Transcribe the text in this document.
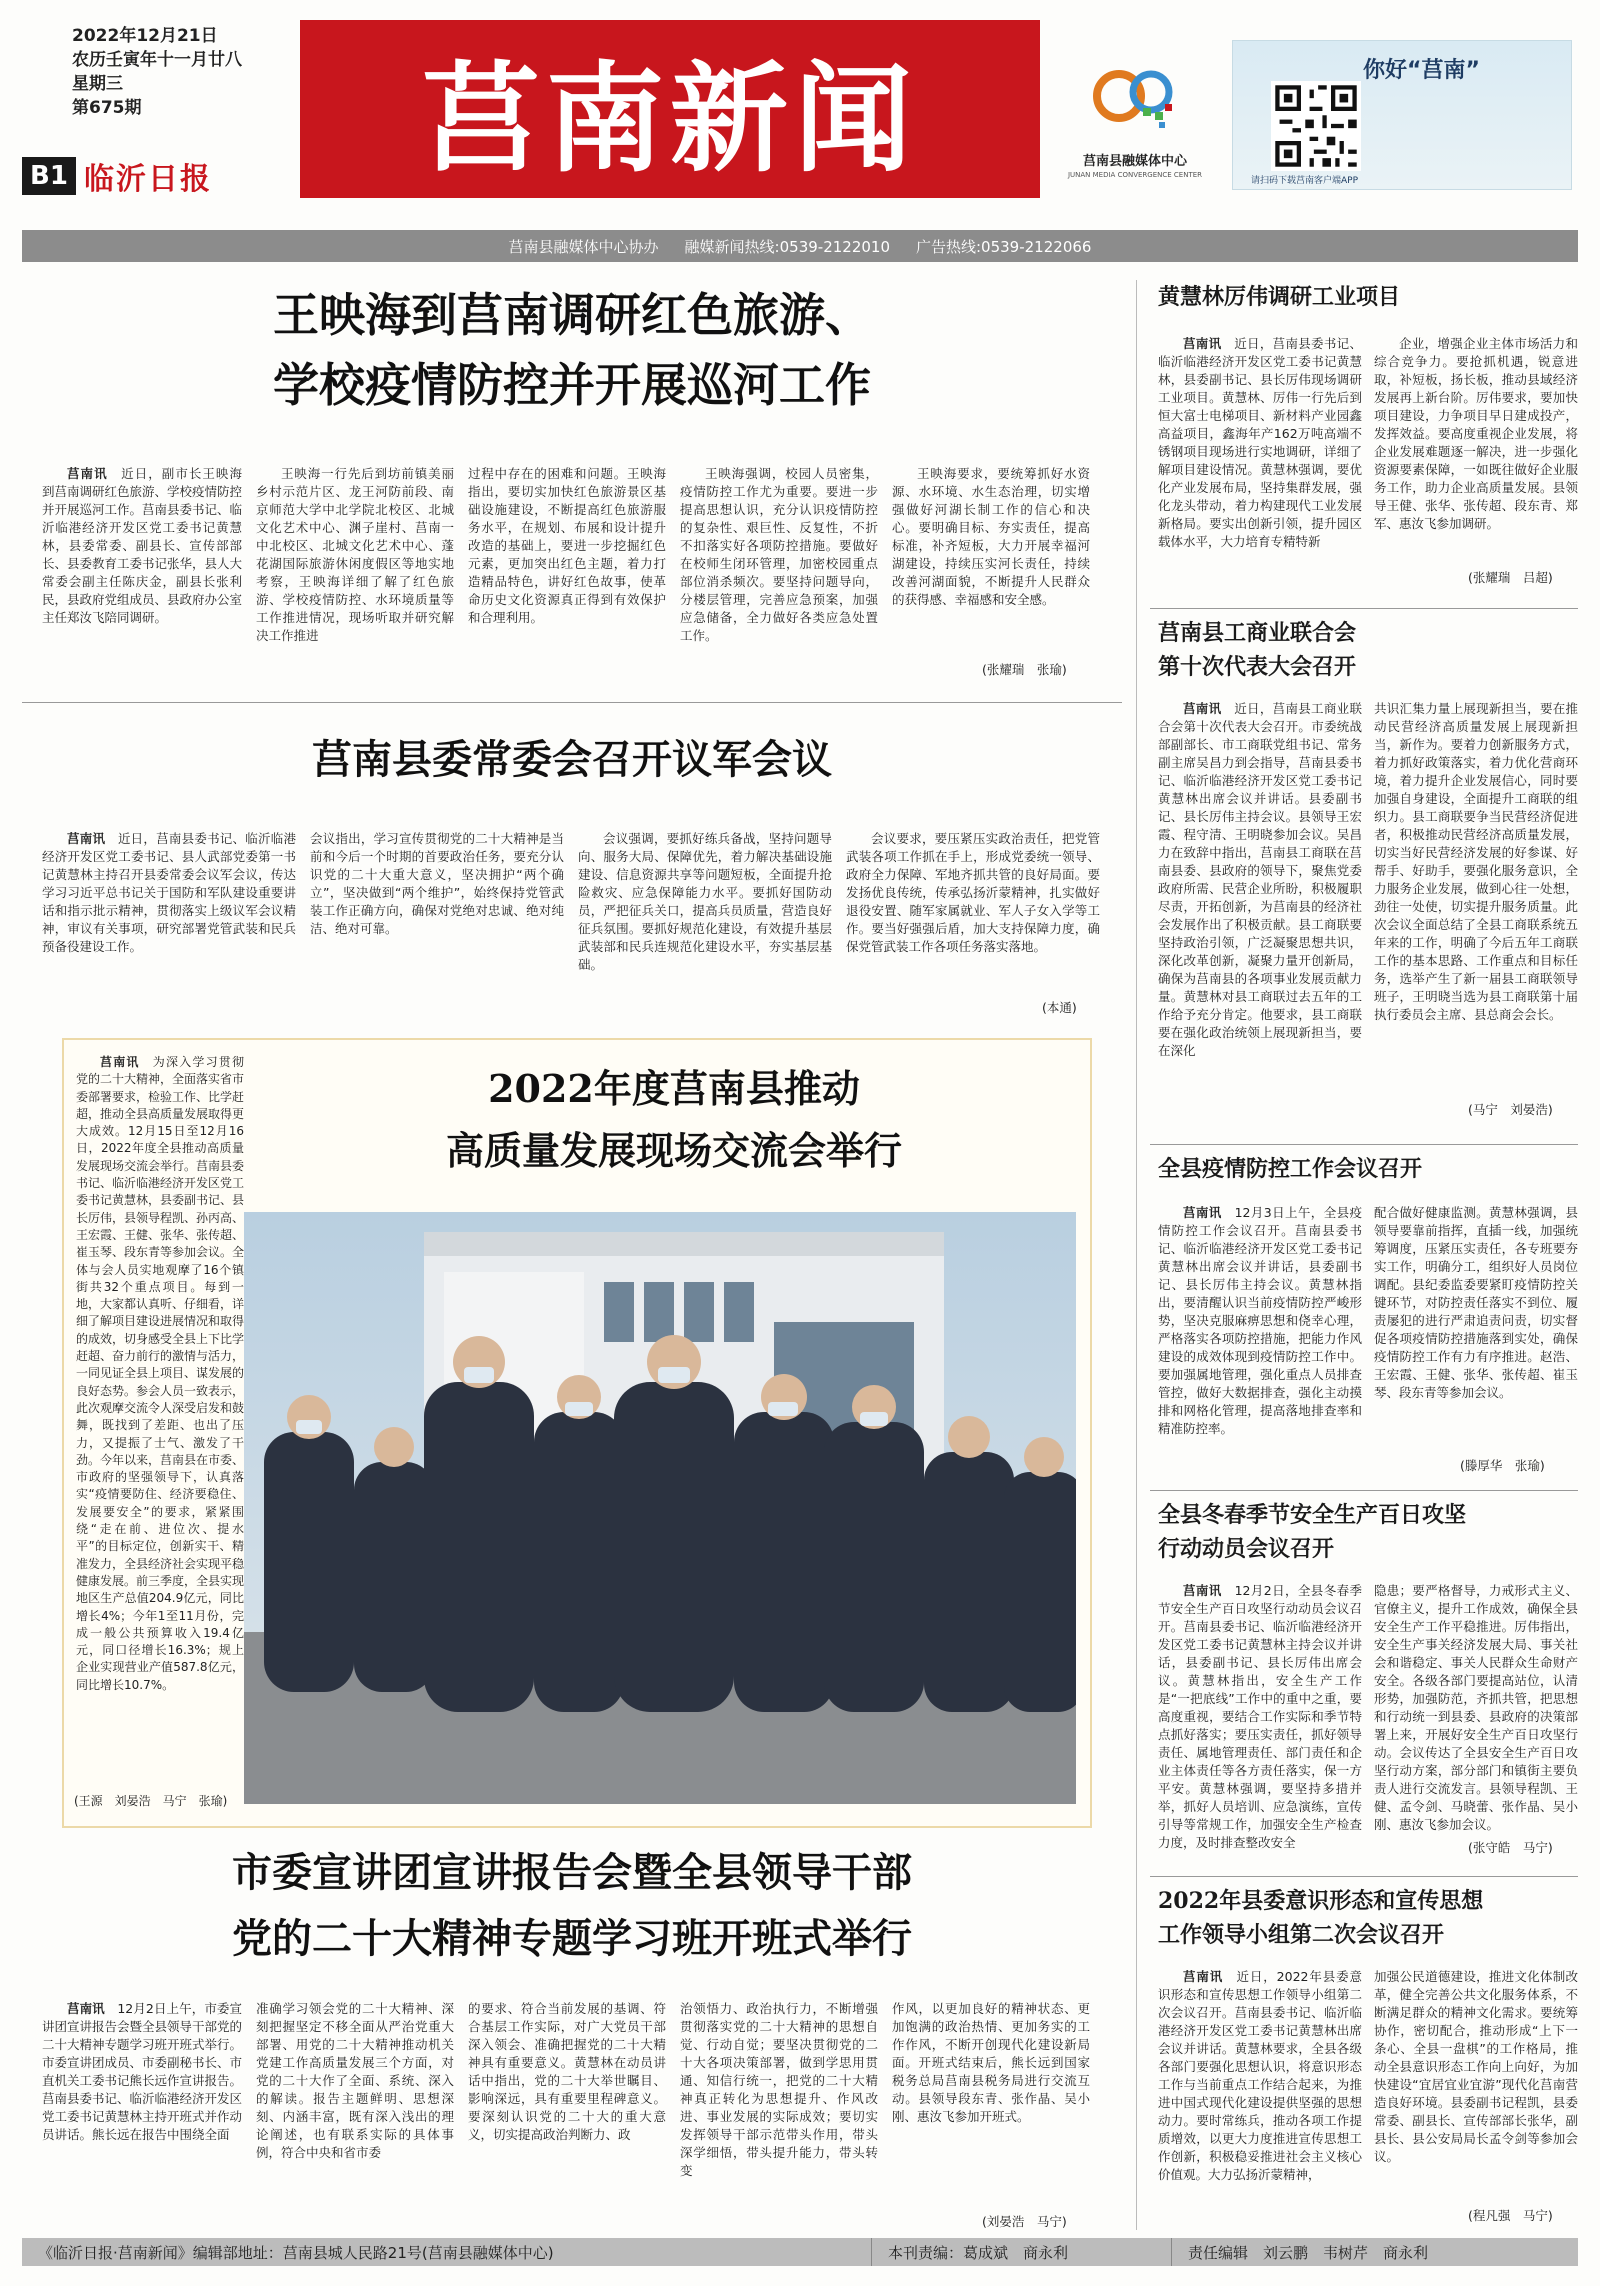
2022年12月21日
农历壬寅年十一月廿八
星期三
第675期
B1 临沂日报 莒南新闻	莒南县融媒体中心
JUNAN MEDIA CONVERGENCE CENTER
你好“莒南”
请扫码下载莒南客户端APP
莒南县融媒体中心协办 融媒新闻热线:0539-2122010 广告热线:0539-2122066
王映海到莒南调研红色旅游、
学校疫情防控并开展巡河工作
莒南讯　 近日，副市长王映海到莒南调研红色旅游、学校疫情防控并开展巡河工作。莒南县委书记、临沂临港经济开发区党工委书记黄慧林，县委常委、副县长、宣传部部长、县委教育工委书记张华，县人大常委会副主任陈庆金，副县长张利民，县政府党组成员、县政府办公室主任郑汝飞陪同调研。
王映海一行先后到坊前镇美丽乡村示范片区、龙王河防前段、南京师范大学中北学院北校区、北城文化艺术中心、渊子崖村、莒南一中北校区、北城文化艺术中心、蓬花湖国际旅游休闲度假区等地实地考察，王映海详细了解了红色旅游、学校疫情防控、水环境质量等工作推进情况，现场听取并研究解决工作推进
过程中存在的困难和问题。王映海指出，要切实加快红色旅游景区基础设施建设，不断提高红色旅游服务水平，在规划、布展和设计提升改造的基础上，要进一步挖掘红色元素，更加突出红色主题，着力打造精品特色，讲好红色故事，使革命历史文化资源真正得到有效保护和合理利用。
王映海强调，校园人员密集，疫情防控工作尤为重要。要进一步提高思想认识，充分认识疫情防控的复杂性、艰巨性、反复性，不折不扣落实好各项防控措施。要做好在校师生闭环管理，加密校园重点部位消杀频次。要坚持问题导向，分楼层管理，完善应急预案，加强应急储备，全力做好各类应急处置工作。
王映海要求，要统筹抓好水资源、水环境、水生态治理，切实增强做好河湖长制工作的信心和决心。要明确目标、夯实责任，提高标准，补齐短板，大力开展幸福河湖建设，持续压实河长责任，持续改善河湖面貌，不断提升人民群众的获得感、幸福感和安全感。
(张耀瑞　张瑜)
莒南县委常委会召开议军会议
莒南讯　 近日，莒南县委书记、临沂临港经济开发区党工委书记、县人武部党委第一书记黄慧林主持召开县委常委会议军会议，传达学习习近平总书记关于国防和军队建设重要讲话和指示批示精神，贯彻落实上级议军会议精神，审议有关事项，研究部署党管武装和民兵预备役建设工作。
会议指出，学习宣传贯彻党的二十大精神是当前和今后一个时期的首要政治任务，要充分认识党的二十大重大意义，坚决拥护“两个确立”，坚决做到“两个维护”，始终保持党管武装工作正确方向，确保对党绝对忠诚、绝对纯洁、绝对可靠。
会议强调，要抓好练兵备战，坚持问题导向、服务大局、保障优先，着力解决基础设施建设、信息资源共享等问题短板，全面提升抢险救灾、应急保障能力水平。要抓好国防动员，严把征兵关口，提高兵员质量，营造良好征兵氛围。要抓好规范化建设，有效提升基层武装部和民兵连规范化建设水平，夯实基层基础。
会议要求，要压紧压实政治责任，把党管武装各项工作抓在手上，形成党委统一领导、政府全力保障、军地齐抓共管的良好局面。要发扬优良传统，传承弘扬沂蒙精神，扎实做好退役安置、随军家属就业、军人子女入学等工作。要当好强强后盾，加大支持保障力度，确保党管武装工作各项任务落实落地。
(本通)
2022年度莒南县推动
高质量发展现场交流会举行
莒南讯　 为深入学习贯彻党的二十大精神，全面落实省市委部署要求，检验工作、比学赶超，推动全县高质量发展取得更大成效。12月15日至12月16日，2022年度全县推动高质量发展现场交流会举行。莒南县委书记、临沂临港经济开发区党工委书记黄慧林，县委副书记、县长厉伟，县领导程凯、孙丙高、王宏霞、王健、张华、张传超、崔玉琴、段东青等参加会议。全体与会人员实地观摩了16个镇街共32个重点项目。每到一地，大家都认真听、仔细看，详细了解项目建设进展情况和取得的成效，切身感受全县上下比学赶超、奋力前行的激情与活力，一同见证全县上项目、谋发展的良好态势。参会人员一致表示，此次观摩交流令人深受启发和鼓舞，既找到了差距、也出了压力，又提振了士气、激发了干劲。今年以来，莒南县在市委、市政府的坚强领导下，认真落实“疫情要防住、经济要稳住、发展要安全”的要求，紧紧围绕“走在前、进位次、提水平”的目标定位，创新实干、精准发力，全县经济社会实现平稳健康发展。前三季度，全县实现地区生产总值204.9亿元，同比增长4%；今年1至11月份，完成一般公共预算收入19.4亿元，同口径增长16.3%；规上企业实现营业产值587.8亿元，同比增长10.7%。
(王源　刘晏浩　马宁　张瑜)
市委宣讲团宣讲报告会暨全县领导干部
党的二十大精神专题学习班开班式举行
莒南讯　 12月2日上午，市委宣讲团宣讲报告会暨全县领导干部党的二十大精神专题学习班开班式举行。市委宣讲团成员、市委副秘书长、市直机关工委书记熊长远作宣讲报告。莒南县委书记、临沂临港经济开发区党工委书记黄慧林主持开班式并作动员讲话。熊长远在报告中围绕全面
准确学习领会党的二十大精神、深刻把握坚定不移全面从严治党重大部署、用党的二十大精神推动机关党建工作高质量发展三个方面，对党的二十大作了全面、系统、深入的解读。报告主题鲜明、思想深刻、内涵丰富，既有深入浅出的理论阐述，也有联系实际的具体事例，符合中央和省市委
的要求、符合当前发展的基调、符合基层工作实际，对广大党员干部深入领会、准确把握党的二十大精神具有重要意义。黄慧林在动员讲话中指出，党的二十大举世瞩目、影响深远，具有重要里程碑意义。要深刻认识党的二十大的重大意义，切实提高政治判断力、政
治领悟力、政治执行力，不断增强贯彻落实党的二十大精神的思想自觉、行动自觉；要坚决贯彻党的二十大各项决策部署，做到学思用贯通、知信行统一，把党的二十大精神真正转化为思想提升、作风改进、事业发展的实际成效；要切实发挥领导干部示范带头作用，带头深学细悟，带头提升能力，带头转变
作风，以更加良好的精神状态、更加饱满的政治热情、更加务实的工作作风，不断开创现代化建设新局面。开班式结束后，熊长远到国家税务总局莒南县税务局进行交流互动。县领导段东青、张作晶、吴小刚、惠汝飞参加开班式。
(刘晏浩　马宁)
黄慧林厉伟调研工业项目
莒南讯　 近日，莒南县委书记、临沂临港经济开发区党工委书记黄慧林，县委副书记、县长厉伟现场调研工业项目。黄慧林、厉伟一行先后到恒大富士电梯项目、新材料产业园鑫高益项目，鑫海年产162万吨高端不锈钢项目现场进行实地调研，详细了解项目建设情况。黄慧林强调，要优化产业发展布局，坚持集群发展，强化龙头带动，着力构建现代工业发展新格局。要实出创新引领，提升园区载体水平，大力培育专精特新
企业，增强企业主体市场活力和综合竞争力。要抢抓机遇，锐意进取，补短板，扬长板，推动县域经济发展再上新台阶。厉伟要求，要加快项目建设，力争项目早日建成投产，发挥效益。要高度重视企业发展，将企业发展难题逐一解决，进一步强化资源要素保障，一如既往做好企业服务工作，助力企业高质量发展。县领导王健、张华、张传超、段东青、郑军、惠汝飞参加调研。
(张耀瑞　吕超)
莒南县工商业联合会
第十次代表大会召开
莒南讯　 近日，莒南县工商业联合会第十次代表大会召开。市委统战部副部长、市工商联党组书记、常务副主席吴昌力到会指导，莒南县委书记、临沂临港经济开发区党工委书记黄慧林出席会议并讲话。县委副书记、县长厉伟主持会议。县领导王宏霞、程守清、王明晓参加会议。吴昌力在致辞中指出，莒南县工商联在莒南县委、县政府的领导下，聚焦党委政府所需、民营企业所盼，积极履职尽责，开拓创新，为莒南县的经济社会发展作出了积极贡献。县工商联要坚持政治引领，广泛凝聚思想共识，深化改革创新，凝聚力量开创新局，确保为莒南县的各项事业发展贡献力量。黄慧林对县工商联过去五年的工作给予充分肯定。他要求，县工商联要在强化政治统领上展现新担当，要在深化
共识汇集力量上展现新担当，要在推动民营经济高质量发展上展现新担当，新作为。要着力创新服务方式，着力抓好政策落实，着力优化营商环境，着力提升企业发展信心，同时要加强自身建设，全面提升工商联的组织力。县工商联要争当民营经济促进者，积极推动民营经济高质量发展，切实当好民营经济发展的好参谋、好帮手、好助手，要强化服务意识，全力服务企业发展，做到心往一处想，劲往一处使，切实提升服务质量。此次会议全面总结了全县工商联系统五年来的工作，明确了今后五年工商联工作的基本思路、工作重点和目标任务，选举产生了新一届县工商联领导班子，王明晓当选为县工商联第十届执行委员会主席、县总商会会长。
(马宁　刘晏浩)
全县疫情防控工作会议召开
莒南讯　 12月3日上午，全县疫情防控工作会议召开。莒南县委书记、临沂临港经济开发区党工委书记黄慧林出席会议并讲话，县委副书记、县长厉伟主持会议。黄慧林指出，要清醒认识当前疫情防控严峻形势，坚决克服麻痹思想和侥幸心理，严格落实各项防控措施，把能力作风建设的成效体现到疫情防控工作中。要加强属地管理，强化重点人员排查管控，做好大数据排查，强化主动摸排和网格化管理，提高落地排查率和精准防控率。
配合做好健康监测。黄慧林强调，县领导要靠前指挥，直插一线，加强统筹调度，压紧压实责任，各专班要夯实工作，明确分工，组织好人员岗位调配。县纪委监委要紧盯疫情防控关键环节，对防控责任落实不到位、履责屡犯的进行严肃追责问责，切实督促各项疫情防控措施落到实处，确保疫情防控工作有力有序推进。赵浩、王宏霞、王健、张华、张传超、崔玉琴、段东青等参加会议。
(滕厚华　张瑜)
全县冬春季节安全生产百日攻坚
行动动员会议召开
莒南讯　 12月2日，全县冬春季节安全生产百日攻坚行动动员会议召开。莒南县委书记、临沂临港经济开发区党工委书记黄慧林主持会议并讲话，县委副书记、县长厉伟出席会议。黄慧林指出，安全生产工作是“一把底线”工作中的重中之重，要高度重视，要结合工作实际和季节特点抓好落实；要压实责任，抓好领导责任、属地管理责任、部门责任和企业主体责任等各方责任落实，保一方平安。黄慧林强调，要坚持多措并举，抓好人员培训、应急演练，宣传引导等常规工作，加强安全生产检查力度，及时排查整改安全
隐患；要严格督导，力戒形式主义、官僚主义，提升工作成效，确保全县安全生产工作平稳推进。厉伟指出，安全生产事关经济发展大局、事关社会和谐稳定、事关人民群众生命财产安全。各级各部门要提高站位，认清形势，加强防范，齐抓共管，把思想和行动统一到县委、县政府的决策部署上来，开展好安全生产百日攻坚行动。会议传达了全县安全生产百日攻坚行动方案，部分部门和镇街主要负责人进行交流发言。县领导程凯、王健、孟令剑、马晓蕾、张作晶、吴小刚、惠汝飞参加会议。
(张守皓　马宁)
2022年县委意识形态和宣传思想
工作领导小组第二次会议召开
莒南讯　 近日，2022年县委意识形态和宣传思想工作领导小组第二次会议召开。莒南县委书记、临沂临港经济开发区党工委书记黄慧林出席会议并讲话。黄慧林要求，全县各级各部门要强化思想认识，将意识形态工作与当前重点工作结合起来，为推进中国式现代化建设提供坚强的思想动力。要时常练兵，推动各项工作提质增效，以更大力度推进宣传思想工作创新，积极稳妥推进社会主义核心价值观。大力弘扬沂蒙精神，
加强公民道德建设，推进文化体制改革，健全完善公共文化服务体系，不断满足群众的精神文化需求。要统筹协作，密切配合，推动形成“上下一条心、全县一盘棋”的工作格局，推动全县意识形态工作向上向好，为加快建设“宜居宜业宜游”现代化莒南营造良好环境。县委副书记程凯，县委常委、副县长、宣传部部长张华，副县长、县公安局局长孟令剑等参加会议。
(程凡强　马宁)
《临沂日报·莒南新闻》编辑部地址：莒南县城人民路21号(莒南县融媒体中心)	本刊责编：葛成斌　商永利	责任编辑　刘云鹏　韦树芹　商永利
